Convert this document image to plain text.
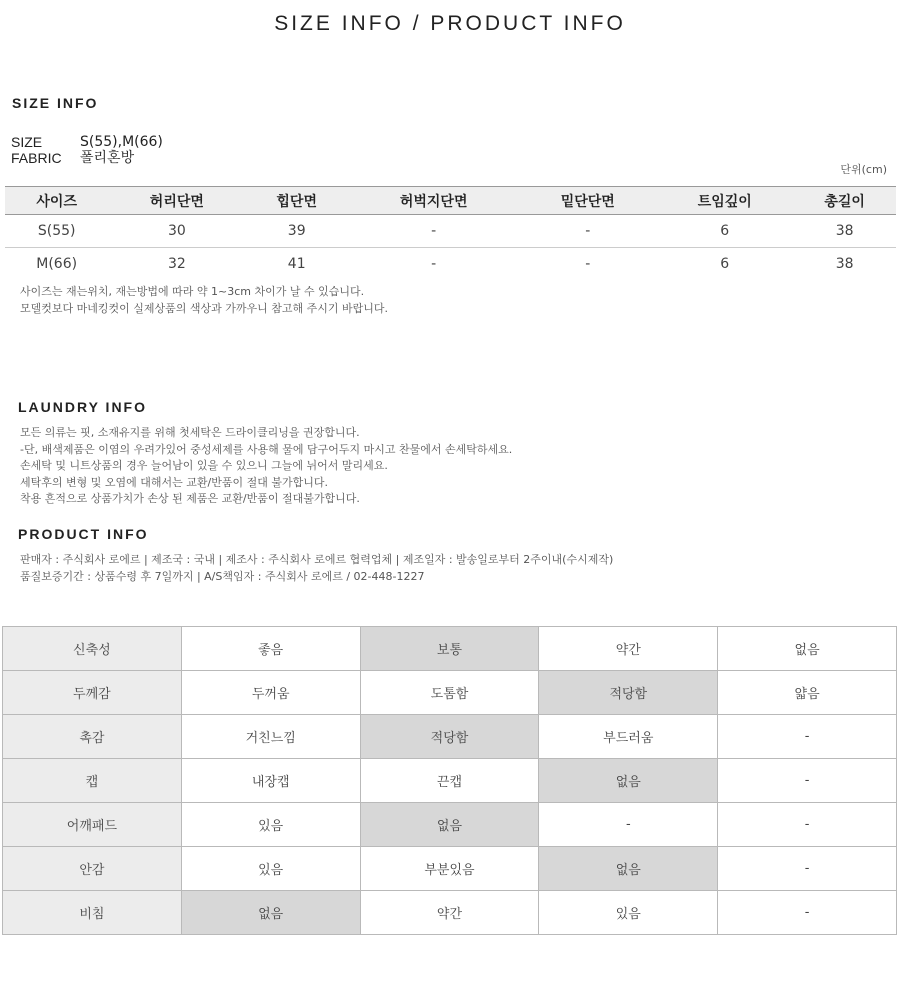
SIZE INFO / PRODUCT INFO
SIZE INFO
SIZE	S(55),M(66)
FABRIC	폴리혼방
단위(cm)
사이즈	허리단면	힙단면	허벅지단면	밑단단면	트임깊이	총길이
S(55)	30	39	-	-	6	38
M(66)	32	41	-	-	6	38
사이즈는 재는위치, 재는방법에 따라 약 1~3cm 차이가 날 수 있습니다.
모델컷보다 마네킹컷이 실제상품의 색상과 가까우니 참고해 주시기 바랍니다.
LAUNDRY INFO
모든 의류는 핏, 소재유지를 위해 첫세탁은 드라이클리닝을 권장합니다.
-단, 배색제품은 이염의 우려가있어 중성세제를 사용해 물에 담구어두지 마시고 찬물에서 손세탁하세요.
손세탁 및 니트상품의 경우 늘어남이 있을 수 있으니 그늘에 뉘어서 말리세요.
세탁후의 변형 및 오염에 대해서는 교환/반품이 절대 불가합니다.
착용 흔적으로 상품가치가 손상 된 제품은 교환/반품이 절대불가합니다.
PRODUCT INFO
판매자 : 주식회사 로에르 | 제조국 : 국내 | 제조사 : 주식회사 로에르 협력업체 | 제조일자 : 발송일로부터 2주이내(수시제작)
품질보증기간 : 상품수령 후 7일까지 | A/S책임자 : 주식회사 로에르 / 02-448-1227
신축성	좋음	보통	약간	없음
두께감	두꺼움	도톰함	적당함	얇음
촉감	거친느낌	적당함	부드러움	-
캡	내장캡	끈캡	없음	-
어깨패드	있음	없음	-	-
안감	있음	부분있음	없음	-
비침	없음	약간	있음	-
